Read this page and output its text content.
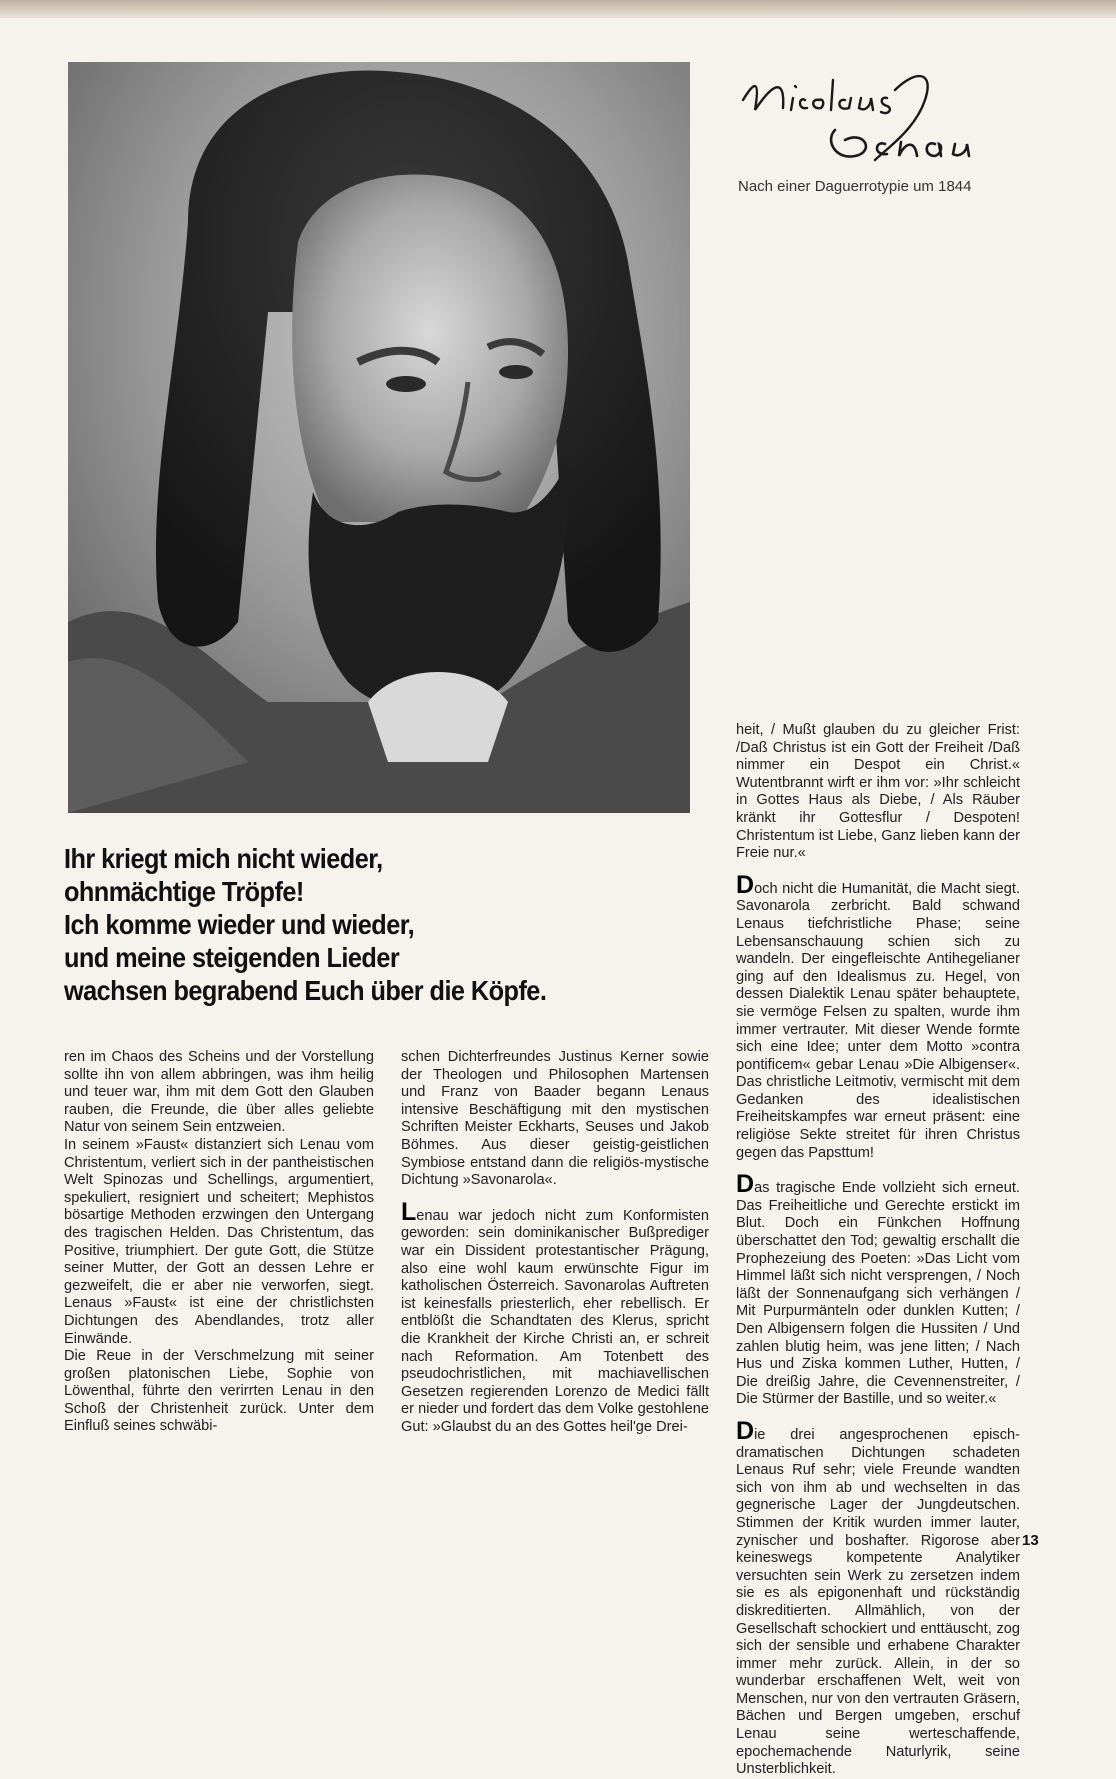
Nach einer Daguerrotypie um 1844
Ihr kriegt mich nicht wieder,
ohnmächtige Tröpfe!
Ich komme wieder und wieder,
und meine steigenden Lieder
wachsen begrabend Euch über die Köpfe.

ren im Chaos des Scheins und der Vorstellung sollte ihn von allem abbringen, was ihm heilig und teuer war, ihm mit dem Gott den Glauben rauben, die Freunde, die über alles geliebte Natur von seinem Sein entzweien.

In seinem »Faust« distanziert sich Lenau vom Christentum, verliert sich in der pantheistischen Welt Spinozas und Schellings, argumentiert, spekuliert, resigniert und scheitert; Mephistos bösartige Methoden erzwingen den Untergang des tragischen Helden. Das Christentum, das Positive, triumphiert. Der gute Gott, die Stütze seiner Mutter, der Gott an dessen Lehre er gezweifelt, die er aber nie verworfen, siegt. Lenaus »Faust« ist eine der christlichsten Dichtungen des Abendlandes, trotz aller Einwände.

Die Reue in der Verschmelzung mit seiner großen platonischen Liebe, Sophie von Löwenthal, führte den verirrten Lenau in den Schoß der Christenheit zurück. Unter dem Einfluß seines schwäbi-

schen Dichterfreundes Justinus Kerner sowie der Theologen und Philosophen Martensen und Franz von Baader begann Lenaus intensive Beschäftigung mit den mystischen Schriften Meister Eckharts, Seuses und Jakob Böhmes. Aus dieser geistig-geistlichen Symbiose entstand dann die religiös-mystische Dichtung »Savonarola«.

Lenau war jedoch nicht zum Konformisten geworden: sein dominikanischer Bußprediger war ein Dissident protestantischer Prägung, also eine wohl kaum erwünschte Figur im katholischen Österreich. Savonarolas Auftreten ist keinesfalls priesterlich, eher rebellisch. Er entblößt die Schandtaten des Klerus, spricht die Krankheit der Kirche Christi an, er schreit nach Reformation. Am Totenbett des pseudochristlichen, mit machiavellischen Gesetzen regierenden Lorenzo de Medici fällt er nieder und fordert das dem Volke gestohlene Gut: »Glaubst du an des Gottes heil'ge Drei-

heit, / Mußt glauben du zu gleicher Frist: /Daß Christus ist ein Gott der Freiheit /Daß nimmer ein Despot ein Christ.« Wutentbrannt wirft er ihm vor: »Ihr schleicht in Gottes Haus als Diebe, / Als Räuber kränkt ihr Gottesflur / Despoten! Christentum ist Liebe, Ganz lieben kann der Freie nur.«

Doch nicht die Humanität, die Macht siegt. Savonarola zerbricht. Bald schwand Lenaus tiefchristliche Phase; seine Lebensanschauung schien sich zu wandeln. Der eingefleischte Antihegelianer ging auf den Idealismus zu. Hegel, von dessen Dialektik Lenau später behauptete, sie vermöge Felsen zu spalten, wurde ihm immer vertrauter. Mit dieser Wende formte sich eine Idee; unter dem Motto »contra pontificem« gebar Lenau »Die Albigenser«. Das christliche Leitmotiv, vermischt mit dem Gedanken des idealistischen Freiheitskampfes war erneut präsent: eine religiöse Sekte streitet für ihren Christus gegen das Papsttum!

Das tragische Ende vollzieht sich erneut. Das Freiheitliche und Gerechte erstickt im Blut. Doch ein Fünkchen Hoffnung überschattet den Tod; gewaltig erschallt die Prophezeiung des Poeten: »Das Licht vom Himmel läßt sich nicht versprengen, / Noch läßt der Sonnenaufgang sich verhängen / Mit Purpurmänteln oder dunklen Kutten; / Den Albigensern folgen die Hussiten / Und zahlen blutig heim, was jene litten; / Nach Hus und Ziska kommen Luther, Hutten, / Die dreißig Jahre, die Cevennenstreiter, / Die Stürmer der Bastille, und so weiter.«

Die drei angesprochenen episch-dramatischen Dichtungen schadeten Lenaus Ruf sehr; viele Freunde wandten sich von ihm ab und wechselten in das gegnerische Lager der Jungdeutschen. Stimmen der Kritik wurden immer lauter, zynischer und boshafter. Rigorose aber keineswegs kompetente Analytiker versuchten sein Werk zu zersetzen indem sie es als epigonenhaft und rückständig diskreditierten. Allmählich, von der Gesellschaft schockiert und enttäuscht, zog sich der sensible und erhabene Charakter immer mehr zurück. Allein, in der so wunderbar erschaffenen Welt, weit von Menschen, nur von den vertrauten Gräsern, Bächen und Bergen umgeben, erschuf Lenau seine werteschaffende, epochemachende Naturlyrik, seine Unsterblichkeit.

13
